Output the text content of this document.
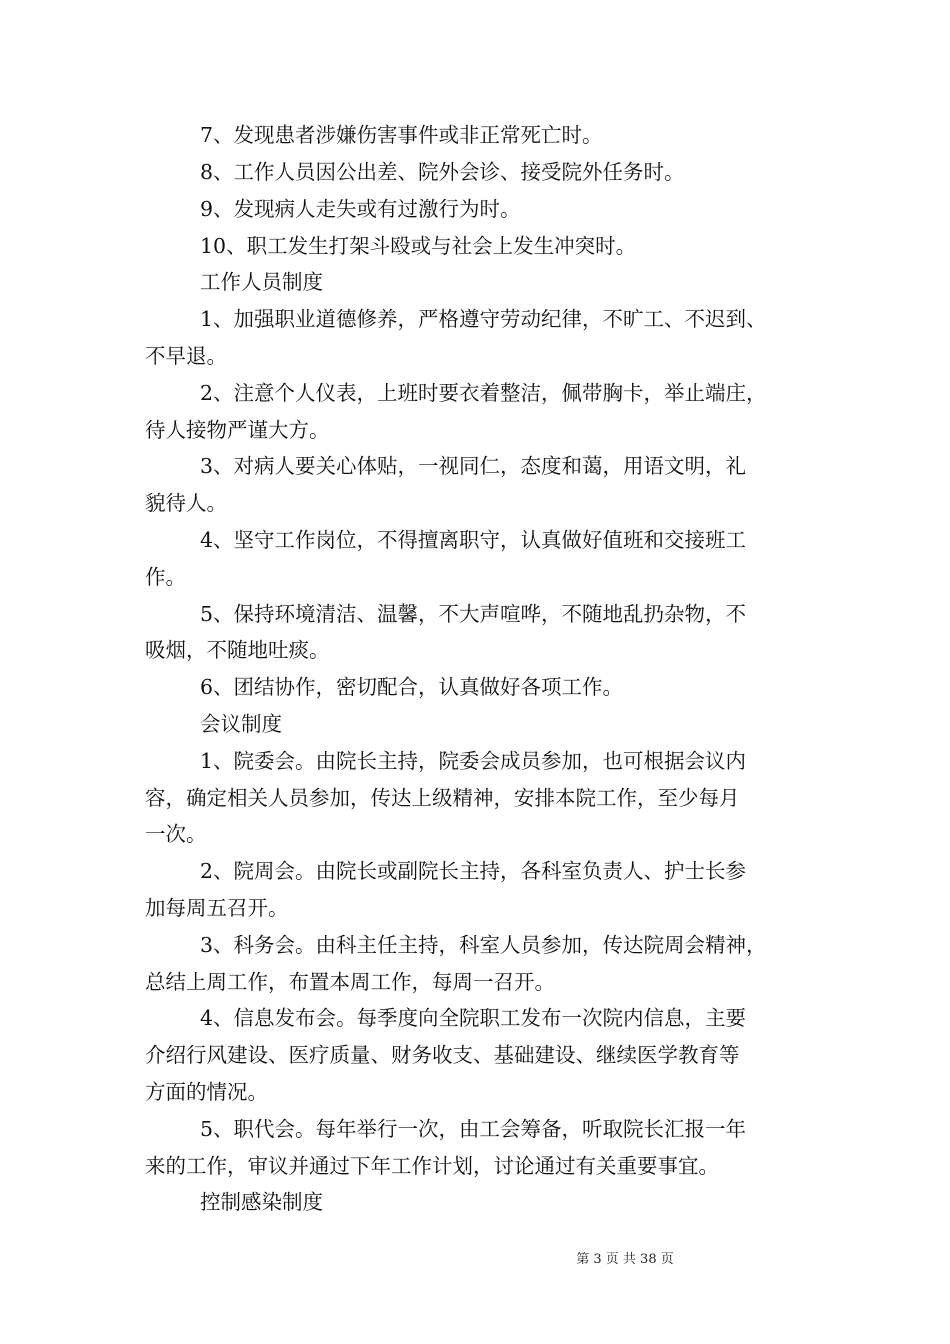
7、发现患者涉嫌伤害事件或非正常死亡时。
8、工作人员因公出差、院外会诊、接受院外任务时。
9、发现病人走失或有过激行为时。
10、职工发生打架斗殴或与社会上发生冲突时。
工作人员制度
1、加强职业道德修养，严格遵守劳动纪律，不旷工、不迟到、
不早退。
2、注意个人仪表，上班时要衣着整洁，佩带胸卡，举止端庄，
待人接物严谨大方。
3、对病人要关心体贴，一视同仁，态度和蔼，用语文明，礼
貌待人。
4、坚守工作岗位，不得擅离职守，认真做好值班和交接班工
作。
5、保持环境清洁、温馨，不大声喧哗，不随地乱扔杂物，不
吸烟，不随地吐痰。
6、团结协作，密切配合，认真做好各项工作。
会议制度
1、院委会。由院长主持，院委会成员参加，也可根据会议内
容，确定相关人员参加，传达上级精神，安排本院工作，至少每月
一次。
2、院周会。由院长或副院长主持，各科室负责人、护士长参
加每周五召开。
3、科务会。由科主任主持，科室人员参加，传达院周会精神，
总结上周工作，布置本周工作，每周一召开。
4、信息发布会。每季度向全院职工发布一次院内信息，主要
介绍行风建设、医疗质量、财务收支、基础建设、继续医学教育等
方面的情况。
5、职代会。每年举行一次，由工会筹备，听取院长汇报一年
来的工作，审议并通过下年工作计划，讨论通过有关重要事宜。
控制感染制度
第 3 页 共 38 页
